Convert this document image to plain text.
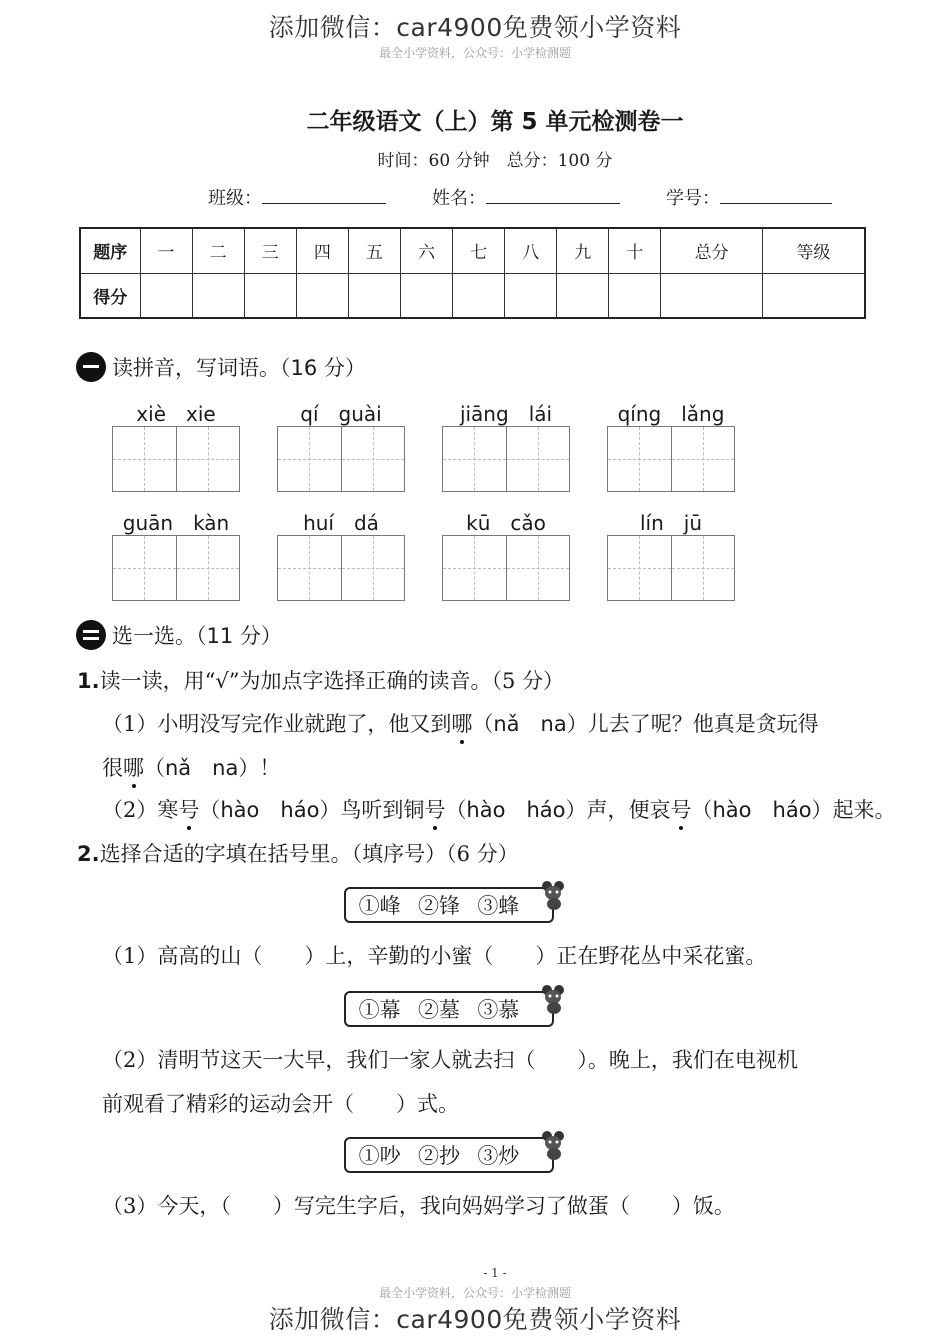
添加微信：car4900免费领小学资料
最全小学资料，公众号：小学检测题
二年级语文（上）第 5 单元检测卷一
时间：60 分钟　总分：100 分
班级：	姓名：	学号：
题序	一	二	三	四	五	六	七	八	九	十	总分	等级
得分												
读拼音，写词语。（16 分）
xiè　 xie	qí　 guài	jiāng　 lái	qíng　 lǎng
guān　 kàn	huí　 dá	kū　 cǎo	lín　 jū
选一选。（11 分）
1.读一读，用“√”为加点字选择正确的读音。（5 分）
（1）小明没写完作业就跑了，他又到哪（nǎ　na）儿去了呢？他真是贪玩得
很哪（nǎ　na）！
（2）寒号（hào　háo）鸟听到铜号（hào　háo）声，便哀号（hào　háo）起来。
2.选择合适的字填在括号里。（填序号）（6 分）
①峰 ②锋 ③蜂
（1）高高的山（　　）上，辛勤的小蜜（　　）正在野花丛中采花蜜。
①幕 ②墓 ③慕
（2）清明节这天一大早，我们一家人就去扫（　　）。晚上，我们在电视机
前观看了精彩的运动会开（　　）式。
①吵 ②抄 ③炒
（3）今天，（　　）写完生字后，我向妈妈学习了做蛋（　　）饭。
- 1 -
最全小学资料，公众号：小学检测题
添加微信：car4900免费领小学资料
